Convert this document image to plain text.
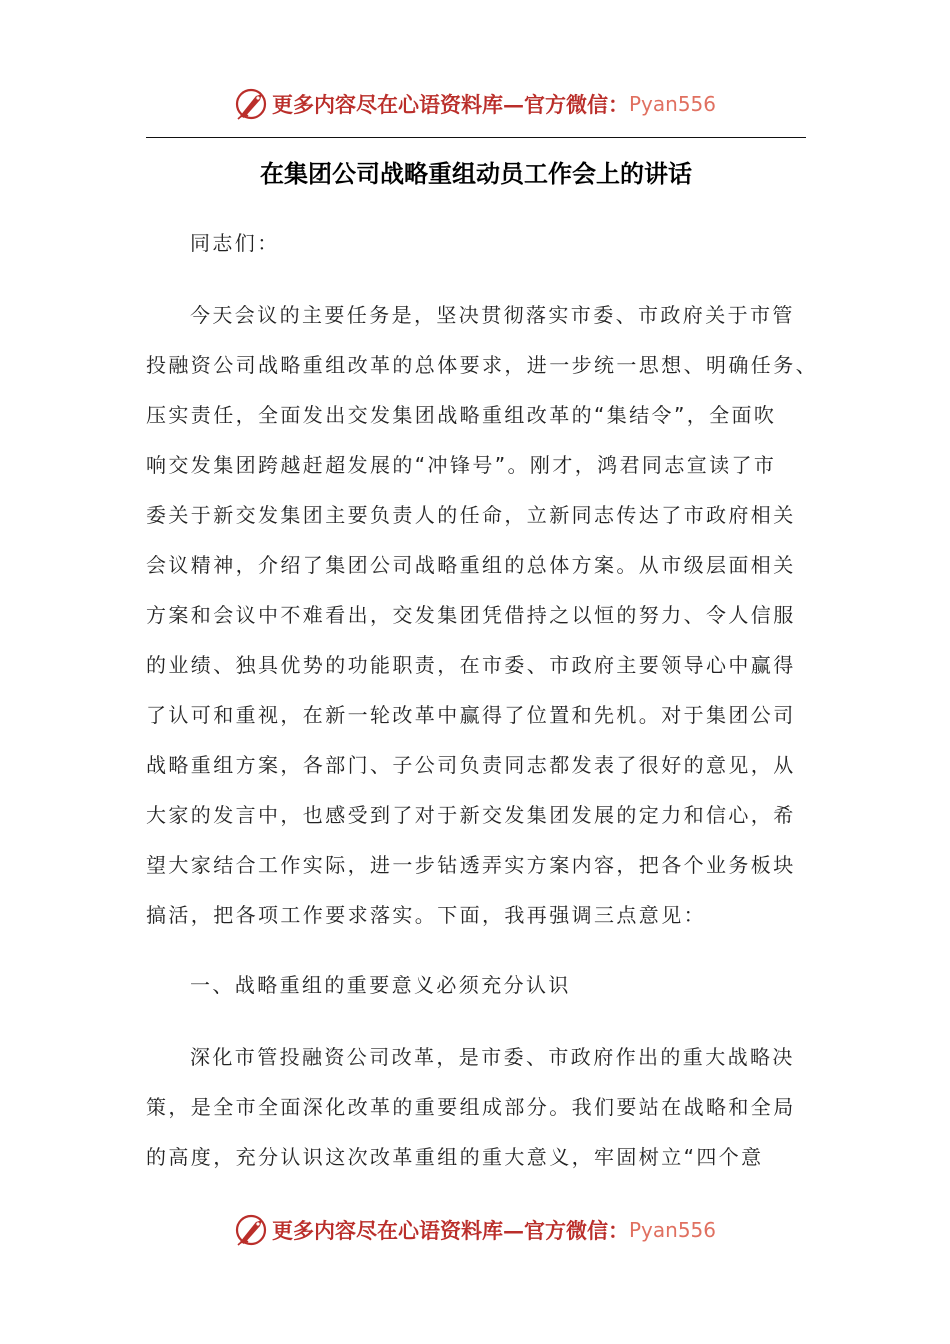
更多内容尽在心语资料库—官方微信： Pyan556
在集团公司战略重组动员工作会上的讲话
同志们：
今天会议的主要任务是，坚决贯彻落实市委、市政府关于市管
投融资公司战略重组改革的总体要求，进一步统一思想、明确任务、
压实责任，全面发出交发集团战略重组改革的“集结令”，全面吹
响交发集团跨越赶超发展的“冲锋号”。刚才，鸿君同志宣读了市
委关于新交发集团主要负责人的任命，立新同志传达了市政府相关
会议精神，介绍了集团公司战略重组的总体方案。从市级层面相关
方案和会议中不难看出，交发集团凭借持之以恒的努力、令人信服
的业绩、独具优势的功能职责，在市委、市政府主要领导心中赢得
了认可和重视，在新一轮改革中赢得了位置和先机。对于集团公司
战略重组方案，各部门、子公司负责同志都发表了很好的意见，从
大家的发言中，也感受到了对于新交发集团发展的定力和信心，希
望大家结合工作实际，进一步钻透弄实方案内容，把各个业务板块
搞活，把各项工作要求落实。下面，我再强调三点意见：
一、战略重组的重要意义必须充分认识
深化市管投融资公司改革，是市委、市政府作出的重大战略决
策，是全市全面深化改革的重要组成部分。我们要站在战略和全局
的高度，充分认识这次改革重组的重大意义，牢固树立“四个意
更多内容尽在心语资料库—官方微信： Pyan556
